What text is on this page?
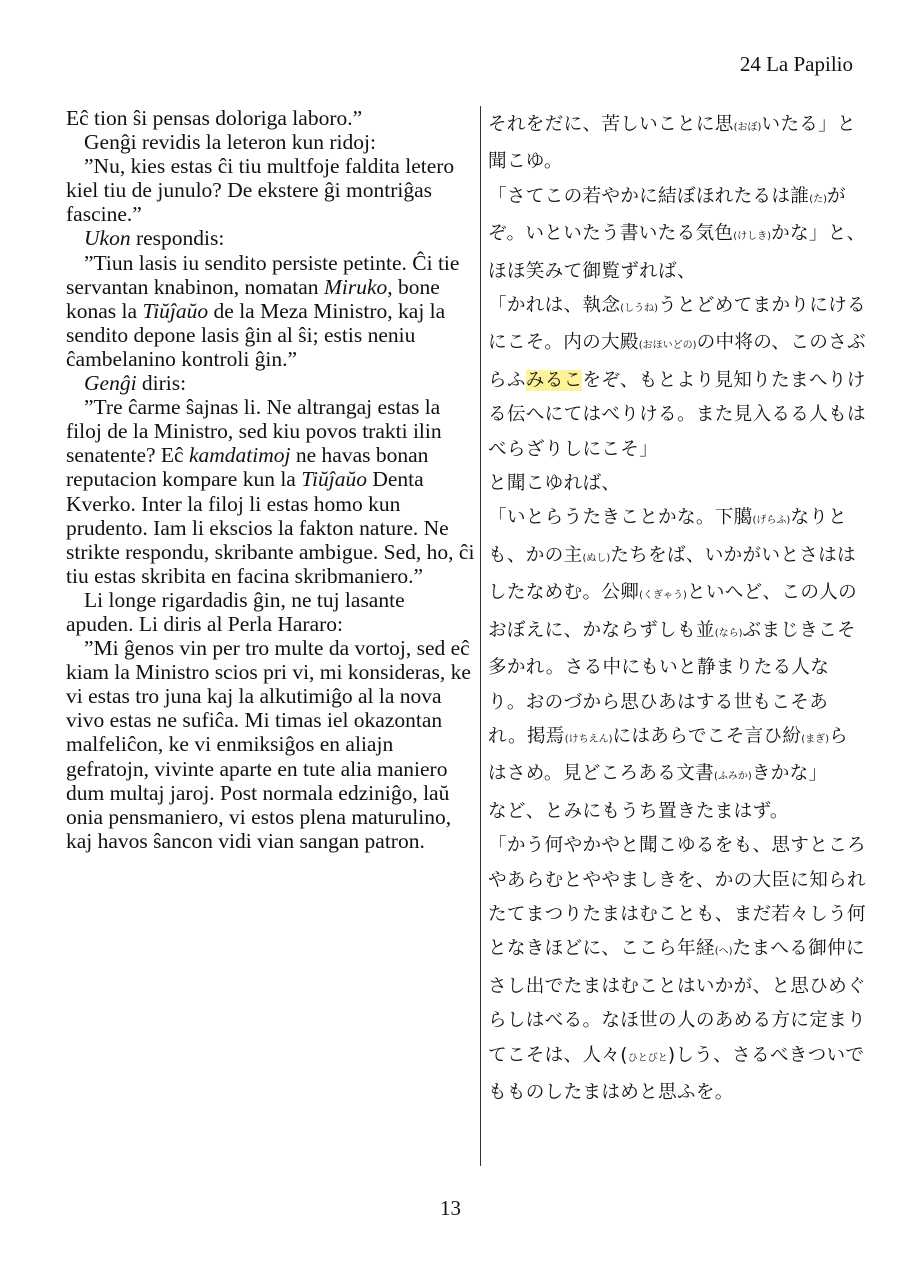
24 La Papilio

Eĉ tion ŝi pensas doloriga laboro.”

Genĝi revidis la leteron kun ridoj:

”Nu, kies estas ĉi tiu multfoje faldita letero kiel tiu de junulo? De ekstere ĝi montriĝas fascine.”

Ukon respondis:

”Tiun lasis iu sendito persiste petinte. Ĉi tie servantan knabinon, nomatan Miruko, bone konas la Tiŭĵaŭo de la Meza Ministro, kaj la sendito depone lasis ĝin al ŝi; estis neniu ĉambelanino kontroli ĝin.”

Genĝi diris:

”Tre ĉarme ŝajnas li. Ne altrangaj estas la filoj de la Ministro, sed kiu povos trakti ilin senatente? Eĉ kamdatimoj ne havas bonan reputacion kompare kun la Tiŭĵaŭo Denta Kverko. Inter la filoj li estas homo kun prudento. Iam li ekscios la fakton nature. Ne strikte respondu, skribante ambigue. Sed, ho, ĉi tiu estas skribita en facina skribmaniero.”

Li longe rigardadis ĝin, ne tuj lasante apuden. Li diris al Perla Hararo:

”Mi ĝenos vin per tro multe da vortoj, sed eĉ kiam la Ministro scios pri vi, mi konsideras, ke vi estas tro juna kaj la alkutimiĝo al la nova vivo estas ne sufiĉa. Mi timas iel okazontan malfeliĉon, ke vi enmiksiĝos en aliajn gefratojn, vivinte aparte en tute alia maniero dum multaj jaroj. Post normala edziniĝo, laŭ onia pensmaniero, vi estos plena maturulino, kaj havos ŝancon vidi vian sangan patron.

それをだに、苦しいことに思(おぼ)いたる」と聞こゆ。

「さてこの若やかに結ぼほれたるは誰(た)がぞ。いといたう書いたる気色(けしき)かな」と、ほほ笑みて御覧ずれば、

「かれは、執念(しうね)うとどめてまかりにけるにこそ。内の大殿(おほいどの)の中将の、このさぶらふみるこをぞ、もとより見知りたまへりける伝へにてはべりける。また見入るる人もはべらざりしにこそ」

と聞こゆれば、

「いとらうたきことかな。下臈(げらふ)なりとも、かの主(ぬし)たちをば、いかがいとさははしたなめむ。公卿(くぎゃう)といへど、この人のおぼえに、かならずしも並(なら)ぶまじきこそ多かれ。さる中にもいと静まりたる人なり。おのづから思ひあはする世もこそあれ。掲焉(けちえん)にはあらでこそ言ひ紛(まぎ)らはさめ。見どころある文書(ふみか)きかな」

など、とみにもうち置きたまはず。

「かう何やかやと聞こゆるをも、思すところやあらむとややましきを、かの大臣に知られたてまつりたまはむことも、まだ若々しう何となきほどに、ここら年経(へ)たまへる御仲にさし出でたまはむことはいかが、と思ひめぐらしはべる。なほ世の人のあめる方に定まりてこそは、人々(ひとびと)しう、さるべきついでもものしたまはめと思ふを。

13
